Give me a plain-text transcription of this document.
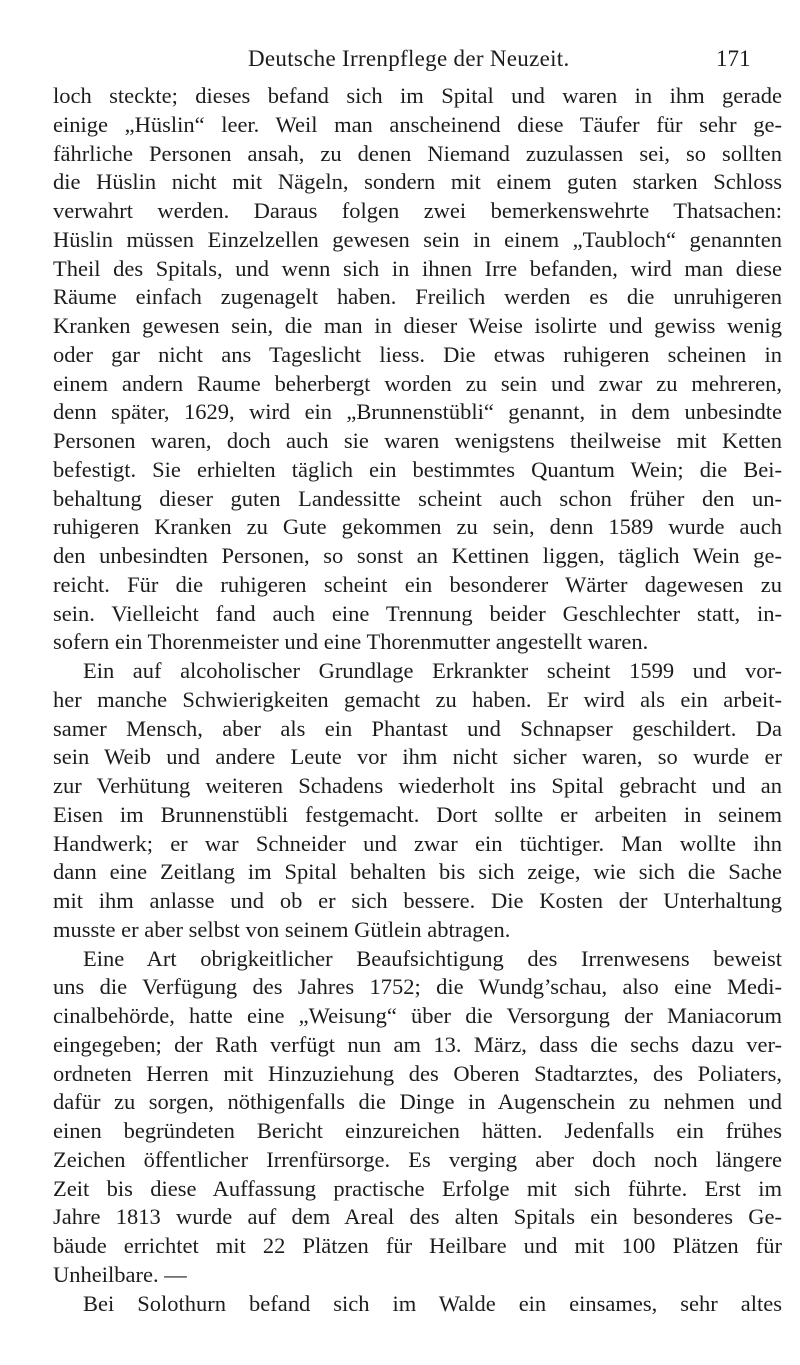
Deutsche Irrenpflege der Neuzeit.	171
loch steckte; dieses befand sich im Spital und waren in ihm gerade
einige „Hüslin“ leer. Weil man anscheinend diese Täufer für sehr ge-
fährliche Personen ansah, zu denen Niemand zuzulassen sei, so sollten
die Hüslin nicht mit Nägeln, sondern mit einem guten starken Schloss
verwahrt werden. Daraus folgen zwei bemerkenswehrte Thatsachen:
Hüslin müssen Einzelzellen gewesen sein in einem „Taubloch“ genannten
Theil des Spitals, und wenn sich in ihnen Irre befanden, wird man diese
Räume einfach zugenagelt haben. Freilich werden es die unruhigeren
Kranken gewesen sein, die man in dieser Weise isolirte und gewiss wenig
oder gar nicht ans Tageslicht liess. Die etwas ruhigeren scheinen in
einem andern Raume beherbergt worden zu sein und zwar zu mehreren,
denn später, 1629, wird ein „Brunnenstübli“ genannt, in dem unbesindte
Personen waren, doch auch sie waren wenigstens theilweise mit Ketten
befestigt. Sie erhielten täglich ein bestimmtes Quantum Wein; die Bei-
behaltung dieser guten Landessitte scheint auch schon früher den un-
ruhigeren Kranken zu Gute gekommen zu sein, denn 1589 wurde auch
den unbesindten Personen, so sonst an Kettinen liggen, täglich Wein ge-
reicht. Für die ruhigeren scheint ein besonderer Wärter dagewesen zu
sein. Vielleicht fand auch eine Trennung beider Geschlechter statt, in-
sofern ein Thorenmeister und eine Thorenmutter angestellt waren.
Ein auf alcoholischer Grundlage Erkrankter scheint 1599 und vor-
her manche Schwierigkeiten gemacht zu haben. Er wird als ein arbeit-
samer Mensch, aber als ein Phantast und Schnapser geschildert. Da
sein Weib und andere Leute vor ihm nicht sicher waren, so wurde er
zur Verhütung weiteren Schadens wiederholt ins Spital gebracht und an
Eisen im Brunnenstübli festgemacht. Dort sollte er arbeiten in seinem
Handwerk; er war Schneider und zwar ein tüchtiger. Man wollte ihn
dann eine Zeitlang im Spital behalten bis sich zeige, wie sich die Sache
mit ihm anlasse und ob er sich bessere. Die Kosten der Unterhaltung
musste er aber selbst von seinem Gütlein abtragen.
Eine Art obrigkeitlicher Beaufsichtigung des Irrenwesens beweist
uns die Verfügung des Jahres 1752; die Wundg’schau, also eine Medi-
cinalbehörde, hatte eine „Weisung“ über die Versorgung der Maniacorum
eingegeben; der Rath verfügt nun am 13. März, dass die sechs dazu ver-
ordneten Herren mit Hinzuziehung des Oberen Stadtarztes, des Poliaters,
dafür zu sorgen, nöthigenfalls die Dinge in Augenschein zu nehmen und
einen begründeten Bericht einzureichen hätten. Jedenfalls ein frühes
Zeichen öffentlicher Irrenfürsorge. Es verging aber doch noch längere
Zeit bis diese Auffassung practische Erfolge mit sich führte. Erst im
Jahre 1813 wurde auf dem Areal des alten Spitals ein besonderes Ge-
bäude errichtet mit 22 Plätzen für Heilbare und mit 100 Plätzen für
Unheilbare. —
Bei Solothurn befand sich im Walde ein einsames, sehr altes
